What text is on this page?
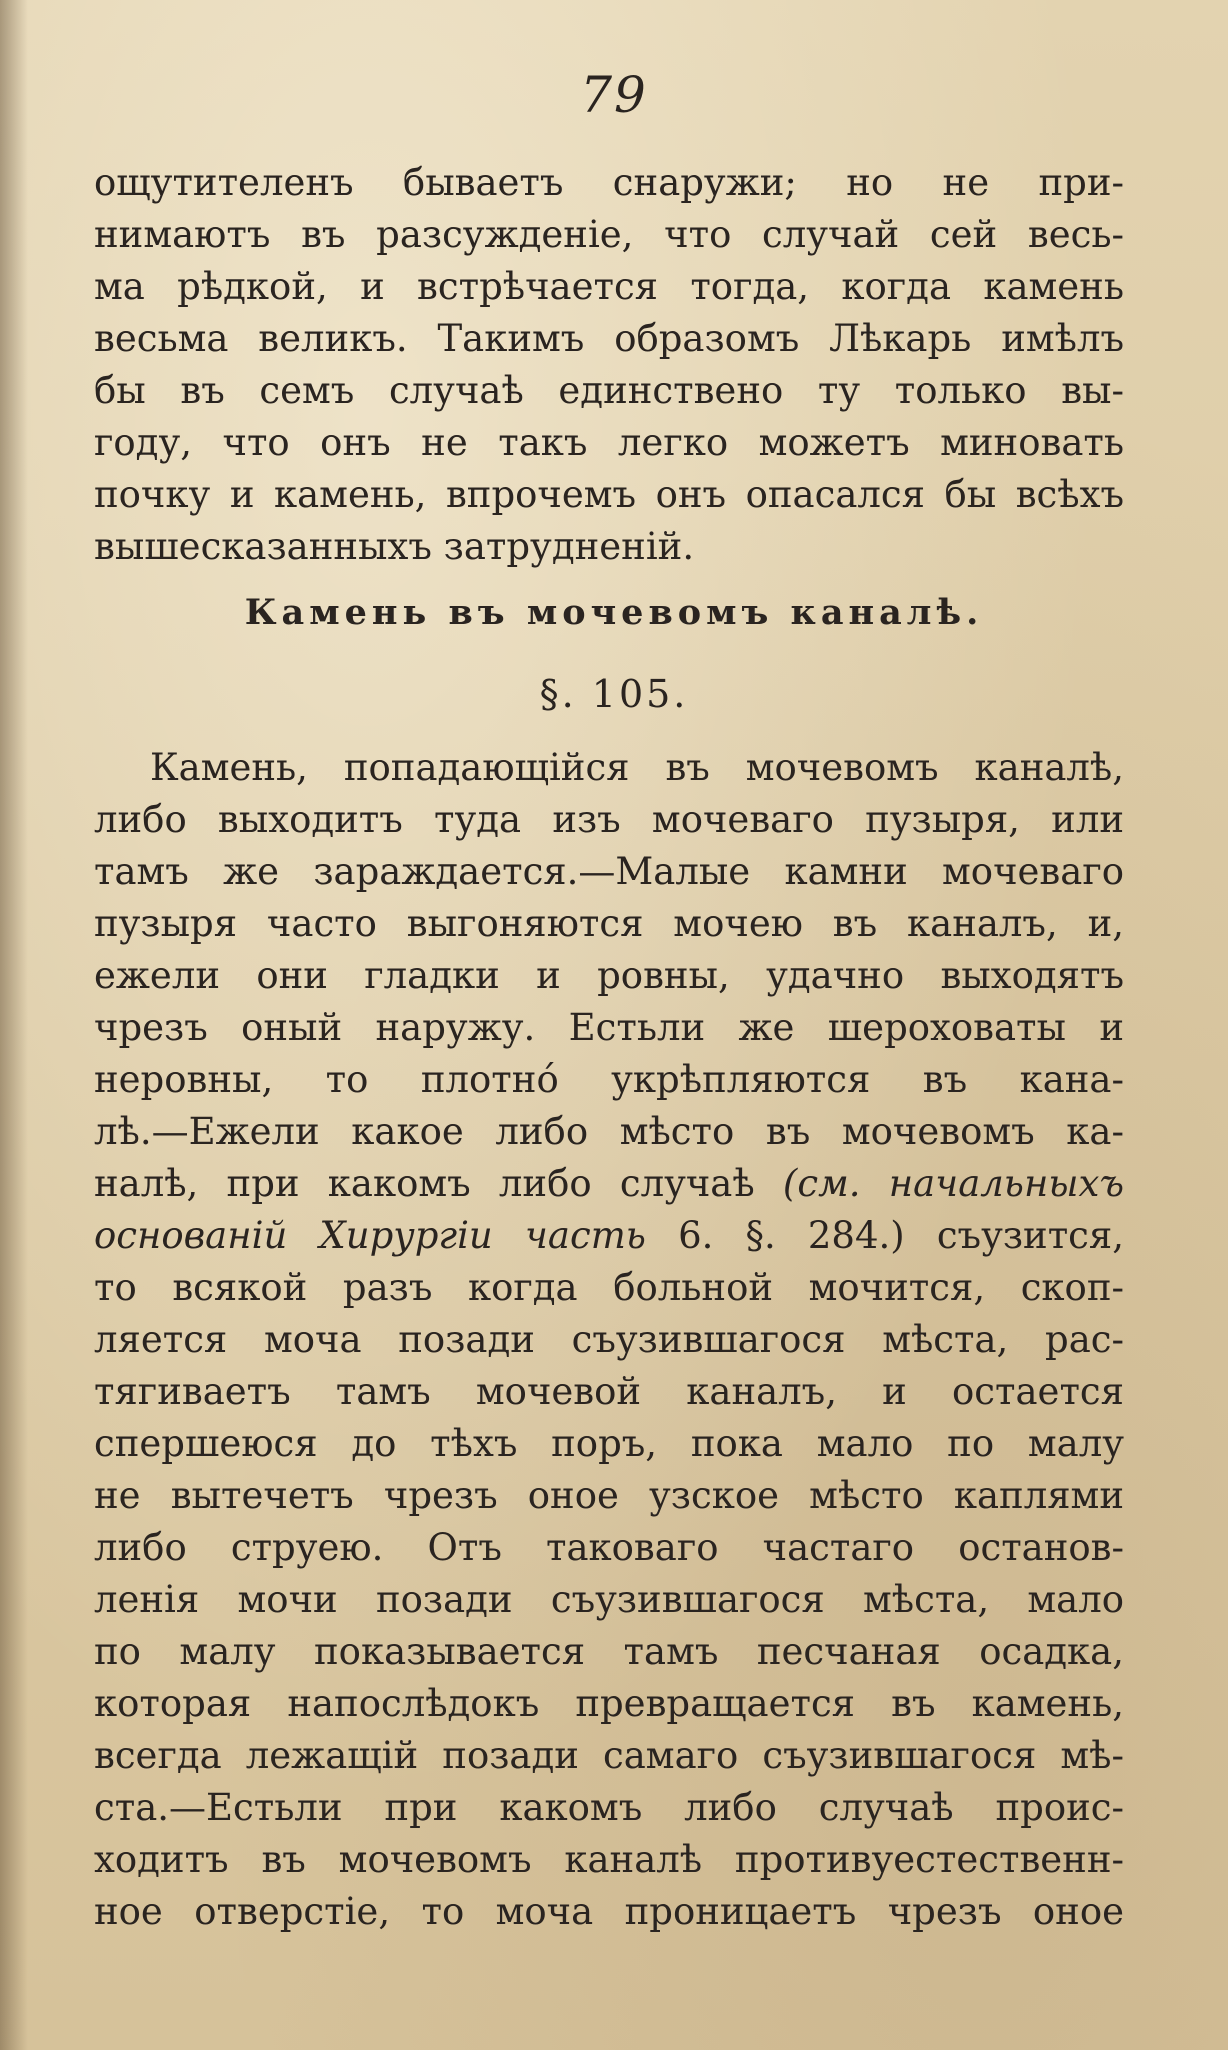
79
ощутителенъ бываетъ снаружи; но не при-
нимаютъ въ разсужденіе, что случай сей весь-
ма рѣдкой, и встрѣчается тогда, когда камень
весьма великъ. Такимъ образомъ Лѣкарь имѣлъ
бы въ семъ случаѣ единствено ту только вы-
году, что онъ не такъ легко можетъ миновать
почку и камень, впрочемъ онъ опасался бы всѣхъ
вышесказанныхъ затрудненій.
Камень въ мочевомъ каналѣ.
§. 105.
Камень, попадающійся въ мочевомъ каналѣ,
либо выходитъ туда изъ мочеваго пузыря, или
тамъ же зараждается.—Малые камни мочеваго
пузыря часто выгоняются мочею въ каналъ, и,
ежели они гладки и ровны, удачно выходятъ
чрезъ оный наружу. Естьли же шероховаты и
неровны, то плотнó укрѣпляются въ кана-
лѣ.—Ежели какое либо мѣсто въ мочевомъ ка-
налѣ, при какомъ либо случаѣ (см. начальныхъ
основаній Хирургіи часть 6. §. 284.) съузится,
то всякой разъ когда больной мочится, скоп-
ляется моча позади съузившагося мѣста, рас-
тягиваетъ тамъ мочевой каналъ, и остается
спершеюся до тѣхъ поръ, пока мало по малу
не вытечетъ чрезъ оное узское мѣсто каплями
либо струею. Отъ таковаго частаго останов-
ленія мочи позади съузившагося мѣста, мало
по малу показывается тамъ песчаная осадка,
которая напослѣдокъ превращается въ камень,
всегда лежащій позади самаго съузившагося мѣ-
ста.—Естьли при какомъ либо случаѣ проис-
ходитъ въ мочевомъ каналѣ противуестественн-
ное отверстіе, то моча проницаетъ чрезъ оное
